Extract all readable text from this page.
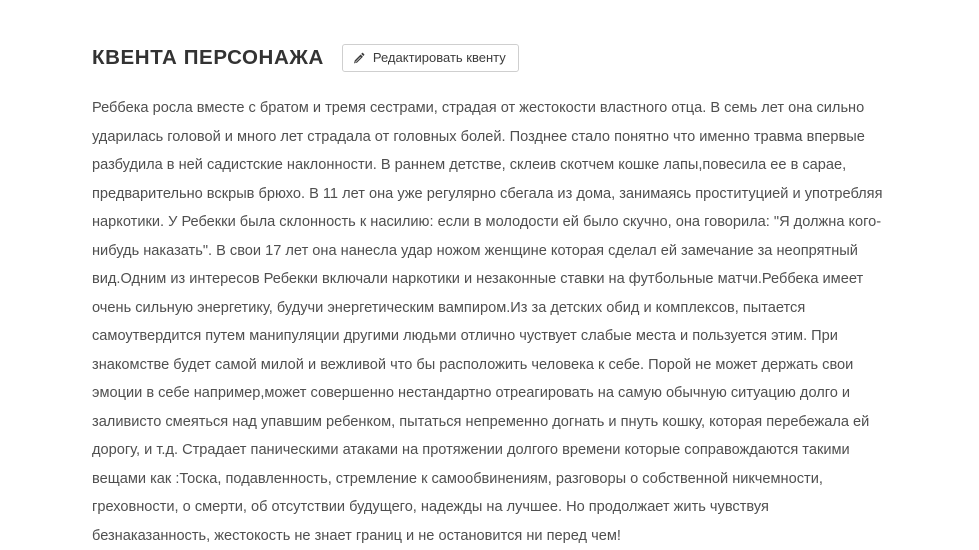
КВЕНТА ПЕРСОНАЖА	Редактировать квенту
Реббека росла вместе с братом и тремя сестрами, страдая от жестокости властного отца. В семь лет она сильно ударилась головой и много лет страдала от головных болей. Позднее стало понятно что именно травма впервые разбудила в ней садистские наклонности. В раннем детстве, склеив скотчем кошке лапы,повесила ее в сарае, предварительно вскрыв брюхо. В 11 лет она уже регулярно сбегала из дома, занимаясь проституцией и употребляя наркотики. У Ребекки была склонность к насилию: если в молодости ей было скучно, она говорила: "Я должна кого-нибудь наказать". В свои 17 лет она нанесла удар ножом женщине которая сделал ей замечание за неопрятный вид.Одним из интересов Ребекки включали наркотики и незаконные ставки на футбольные матчи.Реббека имеет очень сильную энергетику, будучи энергетическим вампиром.Из за детских обид и комплексов, пытается самоутвердится путем манипуляции другими людьми отлично чуствует слабые места и пользуется этим. При знакомстве будет самой милой и вежливой что бы расположить человека к себе. Порой не может держать свои эмоции в себе например,может совершенно нестандартно отреагировать на самую обычную ситуацию долго и заливисто смеяться над упавшим ребенком, пытаться непременно догнать и пнуть кошку, которая перебежала ей дорогу, и т.д. Страдает паническими атаками на протяжении долгого времени которые соправождаются такими вещами как :Тоска, подавленность, стремление к самообвинениям, разговоры о собственной никчемности, греховности, о смерти, об отсутствии будущего, надежды на лучшее. Но продолжает жить чувствуя безнаказанность, жестокость не знает границ и не остановится ни перед чем!
